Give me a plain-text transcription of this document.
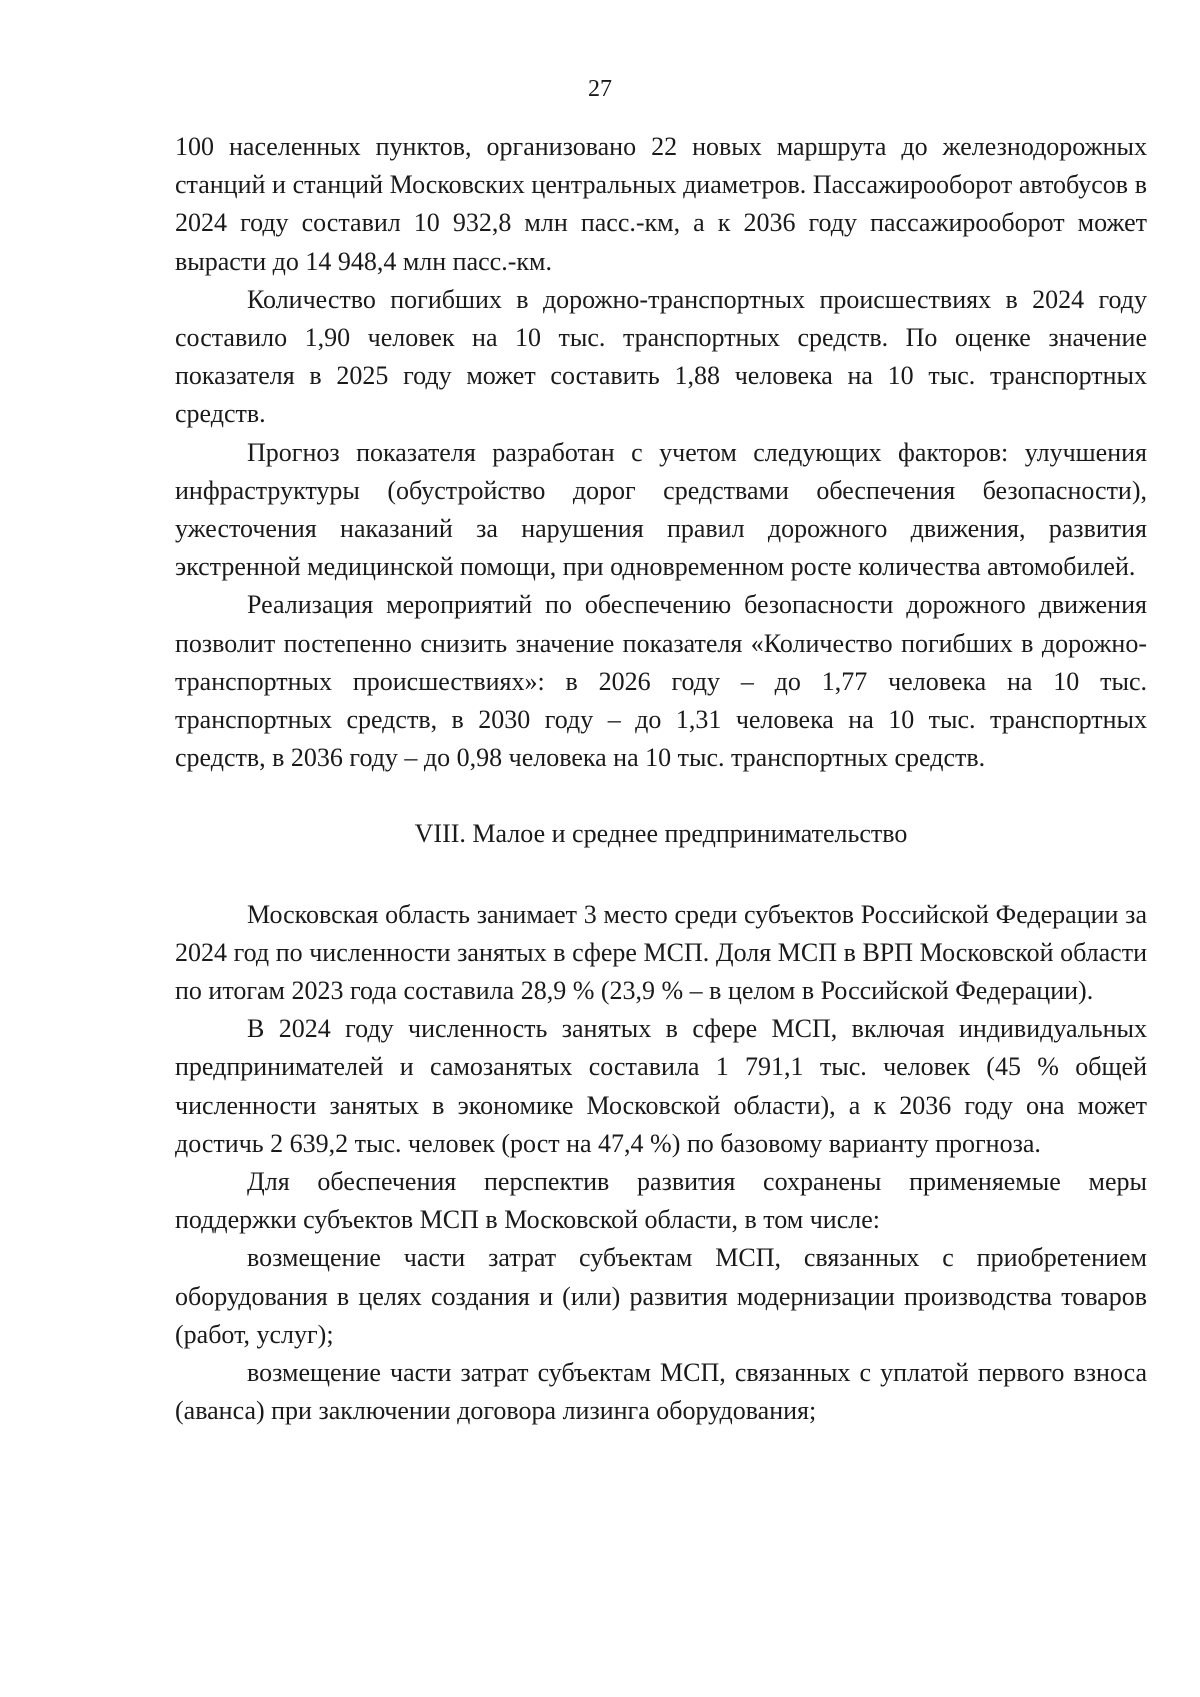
27

100 населенных пунктов, организовано 22 новых маршрута до железнодорожных станций и станций Московских центральных диаметров. Пассажирооборот автобусов в 2024 году составил 10 932,8 млн пасс.-км, а к 2036 году пассажирооборот может вырасти до 14 948,4 млн пасс.-км.

Количество погибших в дорожно-транспортных происшествиях в 2024 году составило 1,90 человек на 10 тыс. транспортных средств. По оценке значение показателя в 2025 году может составить 1,88 человека на 10 тыс. транспортных средств.

Прогноз показателя разработан с учетом следующих факторов: улучшения инфраструктуры (обустройство дорог средствами обеспечения безопасности), ужесточения наказаний за нарушения правил дорожного движения, развития экстренной медицинской помощи, при одновременном росте количества автомобилей.

Реализация мероприятий по обеспечению безопасности дорожного движения позволит постепенно снизить значение показателя «Количество погибших в дорожно-транспортных происшествиях»: в 2026 году – до 1,77 человека на 10 тыс. транспортных средств, в 2030 году – до 1,31 человека на 10 тыс. транспортных средств, в 2036 году – до 0,98 человека на 10 тыс. транспортных средств.

VIII. Малое и среднее предпринимательство

Московская область занимает 3 место среди субъектов Российской Федерации за 2024 год по численности занятых в сфере МСП. Доля МСП в ВРП Московской области по итогам 2023 года составила 28,9 % (23,9 % – в целом в Российской Федерации).

В 2024 году численность занятых в сфере МСП, включая индивидуальных предпринимателей и самозанятых составила 1 791,1 тыс. человек (45 % общей численности занятых в экономике Московской области), а к 2036 году она может достичь 2 639,2 тыс. человек (рост на 47,4 %) по базовому варианту прогноза.

Для обеспечения перспектив развития сохранены применяемые меры поддержки субъектов МСП в Московской области, в том числе:

возмещение части затрат субъектам МСП, связанных с приобретением оборудования в целях создания и (или) развития модернизации производства товаров (работ, услуг);

возмещение части затрат субъектам МСП, связанных с уплатой первого взноса (аванса) при заключении договора лизинга оборудования;
